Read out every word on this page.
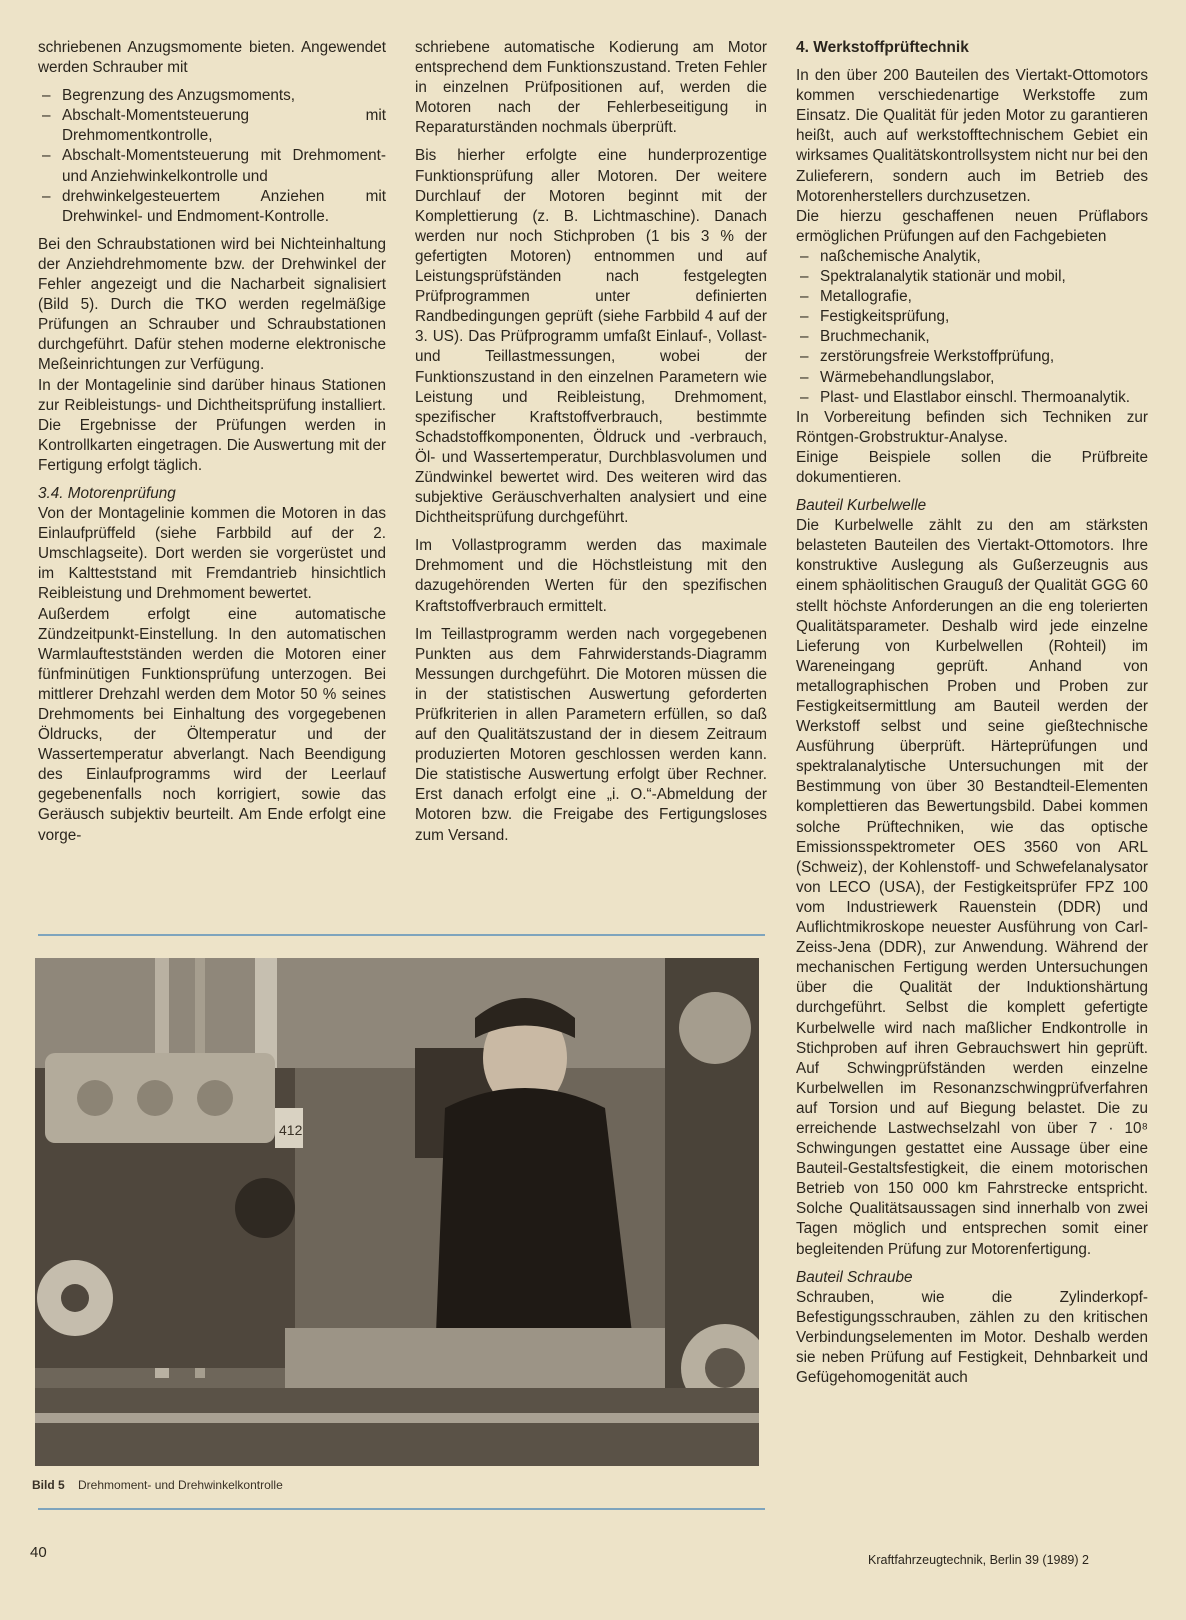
schriebenen Anzugsmomente bieten. Angewendet werden Schrauber mit

– Begrenzung des Anzugsmoments,
– Abschalt-Momentsteuerung mit Drehmomentkontrolle,
– Abschalt-Momentsteuerung mit Drehmoment- und Anziehwinkelkontrolle und
– drehwinkelgesteuertem Anziehen mit Drehwinkel- und Endmoment-Kontrolle.

Bei den Schraubstationen wird bei Nichteinhaltung der Anziehdrehmomente bzw. der Drehwinkel der Fehler angezeigt und die Nacharbeit signalisiert (Bild 5). Durch die TKO werden regelmäßige Prüfungen an Schrauber und Schraubstationen durchgeführt. Dafür stehen moderne elektronische Meßeinrichtungen zur Verfügung.

In der Montagelinie sind darüber hinaus Stationen zur Reibleistungs- und Dichtheitsprüfung installiert. Die Ergebnisse der Prüfungen werden in Kontrollkarten eingetragen. Die Auswertung mit der Fertigung erfolgt täglich.

3.4. Motorenprüfung

Von der Montagelinie kommen die Motoren in das Einlaufprüffeld (siehe Farbbild auf der 2. Umschlagseite). Dort werden sie vorgerüstet und im Kaltteststand mit Fremdantrieb hinsichtlich Reibleistung und Drehmoment bewertet.

Außerdem erfolgt eine automatische Zündzeitpunkt-Einstellung. In den automatischen Warmlauftestständen werden die Motoren einer fünfminütigen Funktionsprüfung unterzogen. Bei mittlerer Drehzahl werden dem Motor 50 % seines Drehmoments bei Einhaltung des vorgegebenen Öldrucks, der Öltemperatur und der Wassertemperatur abverlangt. Nach Beendigung des Einlaufprogramms wird der Leerlauf gegebenenfalls noch korrigiert, sowie das Geräusch subjektiv beurteilt. Am Ende erfolgt eine vorge-

schriebene automatische Kodierung am Motor entsprechend dem Funktionszustand. Treten Fehler in einzelnen Prüfpositionen auf, werden die Motoren nach der Fehlerbeseitigung in Reparaturständen nochmals überprüft.

Bis hierher erfolgte eine hunderprozentige Funktionsprüfung aller Motoren. Der weitere Durchlauf der Motoren beginnt mit der Komplettierung (z. B. Lichtmaschine). Danach werden nur noch Stichproben (1 bis 3 % der gefertigten Motoren) entnommen und auf Leistungsprüfständen nach festgelegten Prüfprogrammen unter definierten Randbedingungen geprüft (siehe Farbbild 4 auf der 3. US). Das Prüfprogramm umfaßt Einlauf-, Vollast- und Teillastmessungen, wobei der Funktionszustand in den einzelnen Parametern wie Leistung und Reibleistung, Drehmoment, spezifischer Kraftstoffverbrauch, bestimmte Schadstoffkomponenten, Öldruck und -verbrauch, Öl- und Wassertemperatur, Durchblasvolumen und Zündwinkel bewertet wird. Des weiteren wird das subjektive Geräuschverhalten analysiert und eine Dichtheitsprüfung durchgeführt.

Im Vollastprogramm werden das maximale Drehmoment und die Höchstleistung mit den dazugehörenden Werten für den spezifischen Kraftstoffverbrauch ermittelt.

Im Teillastprogramm werden nach vorgegebenen Punkten aus dem Fahrwiderstands-Diagramm Messungen durchgeführt. Die Motoren müssen die in der statistischen Auswertung geforderten Prüfkriterien in allen Parametern erfüllen, so daß auf den Qualitätszustand der in diesem Zeitraum produzierten Motoren geschlossen werden kann. Die statistische Auswertung erfolgt über Rechner. Erst danach erfolgt eine „i. O.“-Abmeldung der Motoren bzw. die Freigabe des Fertigungsloses zum Versand.

4. Werkstoffprüftechnik

In den über 200 Bauteilen des Viertakt-Ottomotors kommen verschiedenartige Werkstoffe zum Einsatz. Die Qualität für jeden Motor zu garantieren heißt, auch auf werkstofftechnischem Gebiet ein wirksames Qualitätskontrollsystem nicht nur bei den Zulieferern, sondern auch im Betrieb des Motorenherstellers durchzusetzen.

Die hierzu geschaffenen neuen Prüflabors ermöglichen Prüfungen auf den Fachgebieten

– naßchemische Analytik,
– Spektralanalytik stationär und mobil,
– Metallografie,
– Festigkeitsprüfung,
– Bruchmechanik,
– zerstörungsfreie Werkstoffprüfung,
– Wärmebehandlungslabor,
– Plast- und Elastlabor einschl. Thermoanalytik.

In Vorbereitung befinden sich Techniken zur Röntgen-Grobstruktur-Analyse.

Einige Beispiele sollen die Prüfbreite dokumentieren.

Bauteil Kurbelwelle

Die Kurbelwelle zählt zu den am stärksten belasteten Bauteilen des Viertakt-Ottomotors. Ihre konstruktive Auslegung als Gußerzeugnis aus einem sphäolitischen Grauguß der Qualität GGG 60 stellt höchste Anforderungen an die eng tolerierten Qualitätsparameter. Deshalb wird jede einzelne Lieferung von Kurbelwellen (Rohteil) im Wareneingang geprüft. Anhand von metallographischen Proben und Proben zur Festigkeitsermittlung am Bauteil werden der Werkstoff selbst und seine gießtechnische Ausführung überprüft. Härteprüfungen und spektralanalytische Untersuchungen mit der Bestimmung von über 30 Bestandteil-Elementen komplettieren das Bewertungsbild. Dabei kommen solche Prüftechniken, wie das optische Emissionsspektrometer OES 3560 von ARL (Schweiz), der Kohlenstoff- und Schwefelanalysator von LECO (USA), der Festigkeitsprüfer FPZ 100 vom Industriewerk Rauenstein (DDR) und Auflichtmikroskope neuester Ausführung von Carl-Zeiss-Jena (DDR), zur Anwendung. Während der mechanischen Fertigung werden Untersuchungen über die Qualität der Induktionshärtung durchgeführt. Selbst die komplett gefertigte Kurbelwelle wird nach maßlicher Endkontrolle in Stichproben auf ihren Gebrauchswert hin geprüft. Auf Schwingprüfständen werden einzelne Kurbelwellen im Resonanzschwingprüfverfahren auf Torsion und auf Biegung belastet. Die zu erreichende Lastwechselzahl von über 7 · 10⁸ Schwingungen gestattet eine Aussage über eine Bauteil-Gestaltsfestigkeit, die einem motorischen Betrieb von 150 000 km Fahrstrecke entspricht. Solche Qualitätsaussagen sind innerhalb von zwei Tagen möglich und entsprechen somit einer begleitenden Prüfung zur Motorenfertigung.

Bauteil Schraube

Schrauben, wie die Zylinderkopf-Befestigungsschrauben, zählen zu den kritischen Verbindungselementen im Motor. Deshalb werden sie neben Prüfung auf Festigkeit, Dehnbarkeit und Gefügehomogenität auch

412
Bild 5 Drehmoment- und Drehwinkelkontrolle
40	Kraftfahrzeugtechnik, Berlin 39 (1989) 2
